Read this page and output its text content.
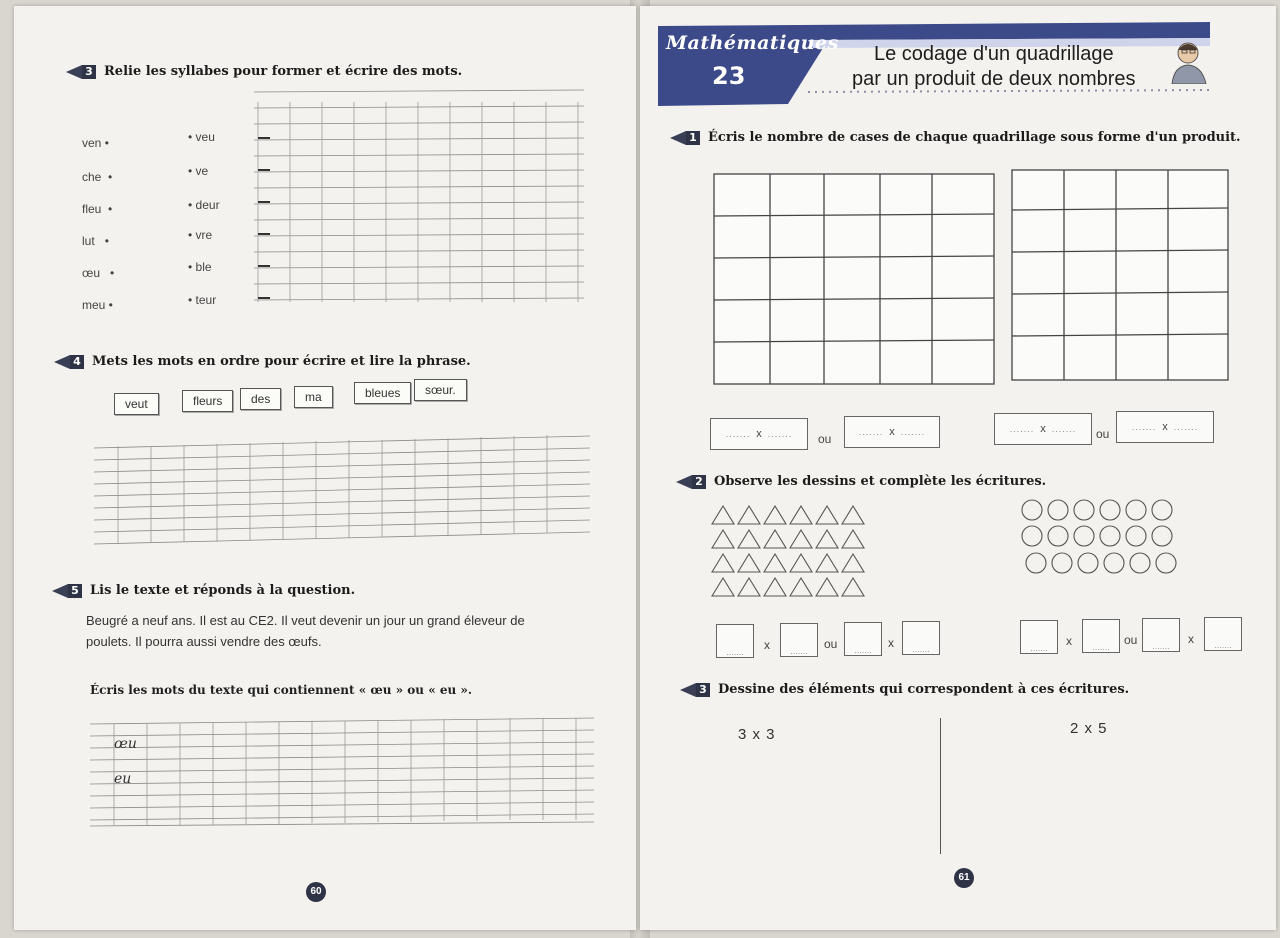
3 Relie les syllabes pour former et écrire des mots.
ven •
che  •
fleu  •
lut   •
œu   •
meu •
• veu
• ve
• deur
• vre
• ble
• teur
4 Mets les mots en ordre pour écrire et lire la phrase.
veut	fleurs	des	ma	bleues	sœur.
5 Lis le texte et réponds à la question.
Beugré a neuf ans. Il est au CE2. Il veut devenir un jour un grand éleveur de
poulets. Il pourra aussi vendre des œufs.
Écris les mots du texte qui contiennent « œu » ou « eu ».
œu
eu
60
Mathématiques
23
Le codage d'un quadrillage
par un produit de deux nombres
1 Écris le nombre de cases de chaque quadrillage sous forme d'un produit.
....... x ....... ou	....... x .......	....... x ....... ou ....... x .......
2 Observe les dessins et complète les écritures.
.......	x	.......	ou	.......	x	.......	.......	x	.......	ou	.......	x	.......
3 Dessine des éléments qui correspondent à ces écritures.
3 x 3	2 x 5
61
